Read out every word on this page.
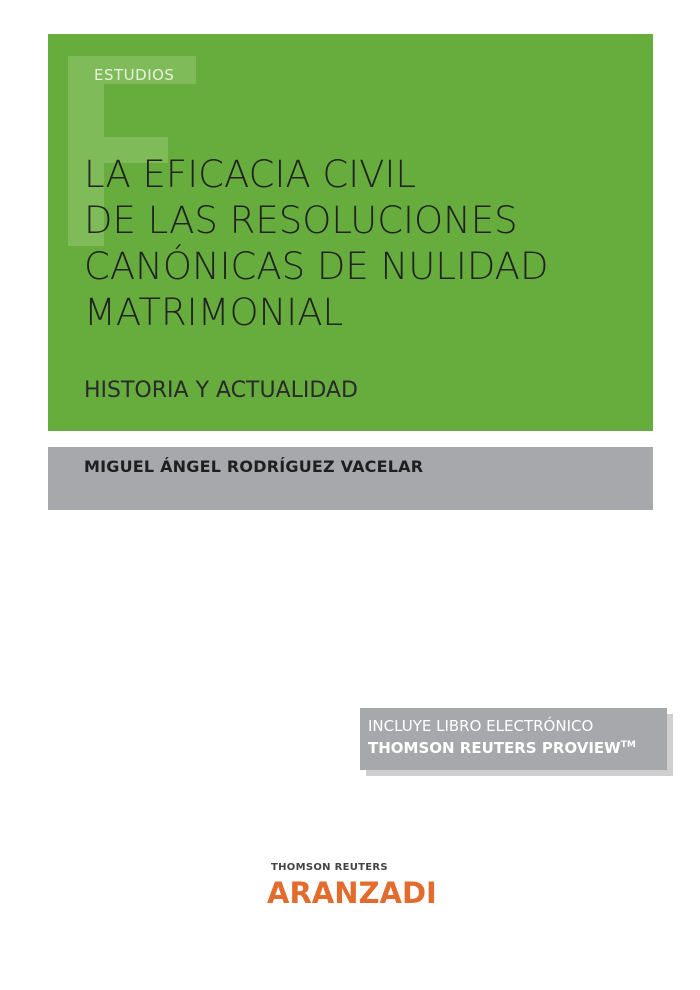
ESTUDIOS
LA EFICACIA CIVIL
DE LAS RESOLUCIONES
CANÓNICAS DE NULIDAD
MATRIMONIAL
HISTORIA Y ACTUALIDAD
MIGUEL ÁNGEL RODRÍGUEZ VACELAR
INCLUYE LIBRO ELECTRÓNICO
THOMSON REUTERS PROVIEW™
THOMSON REUTERS
ARANZADI
